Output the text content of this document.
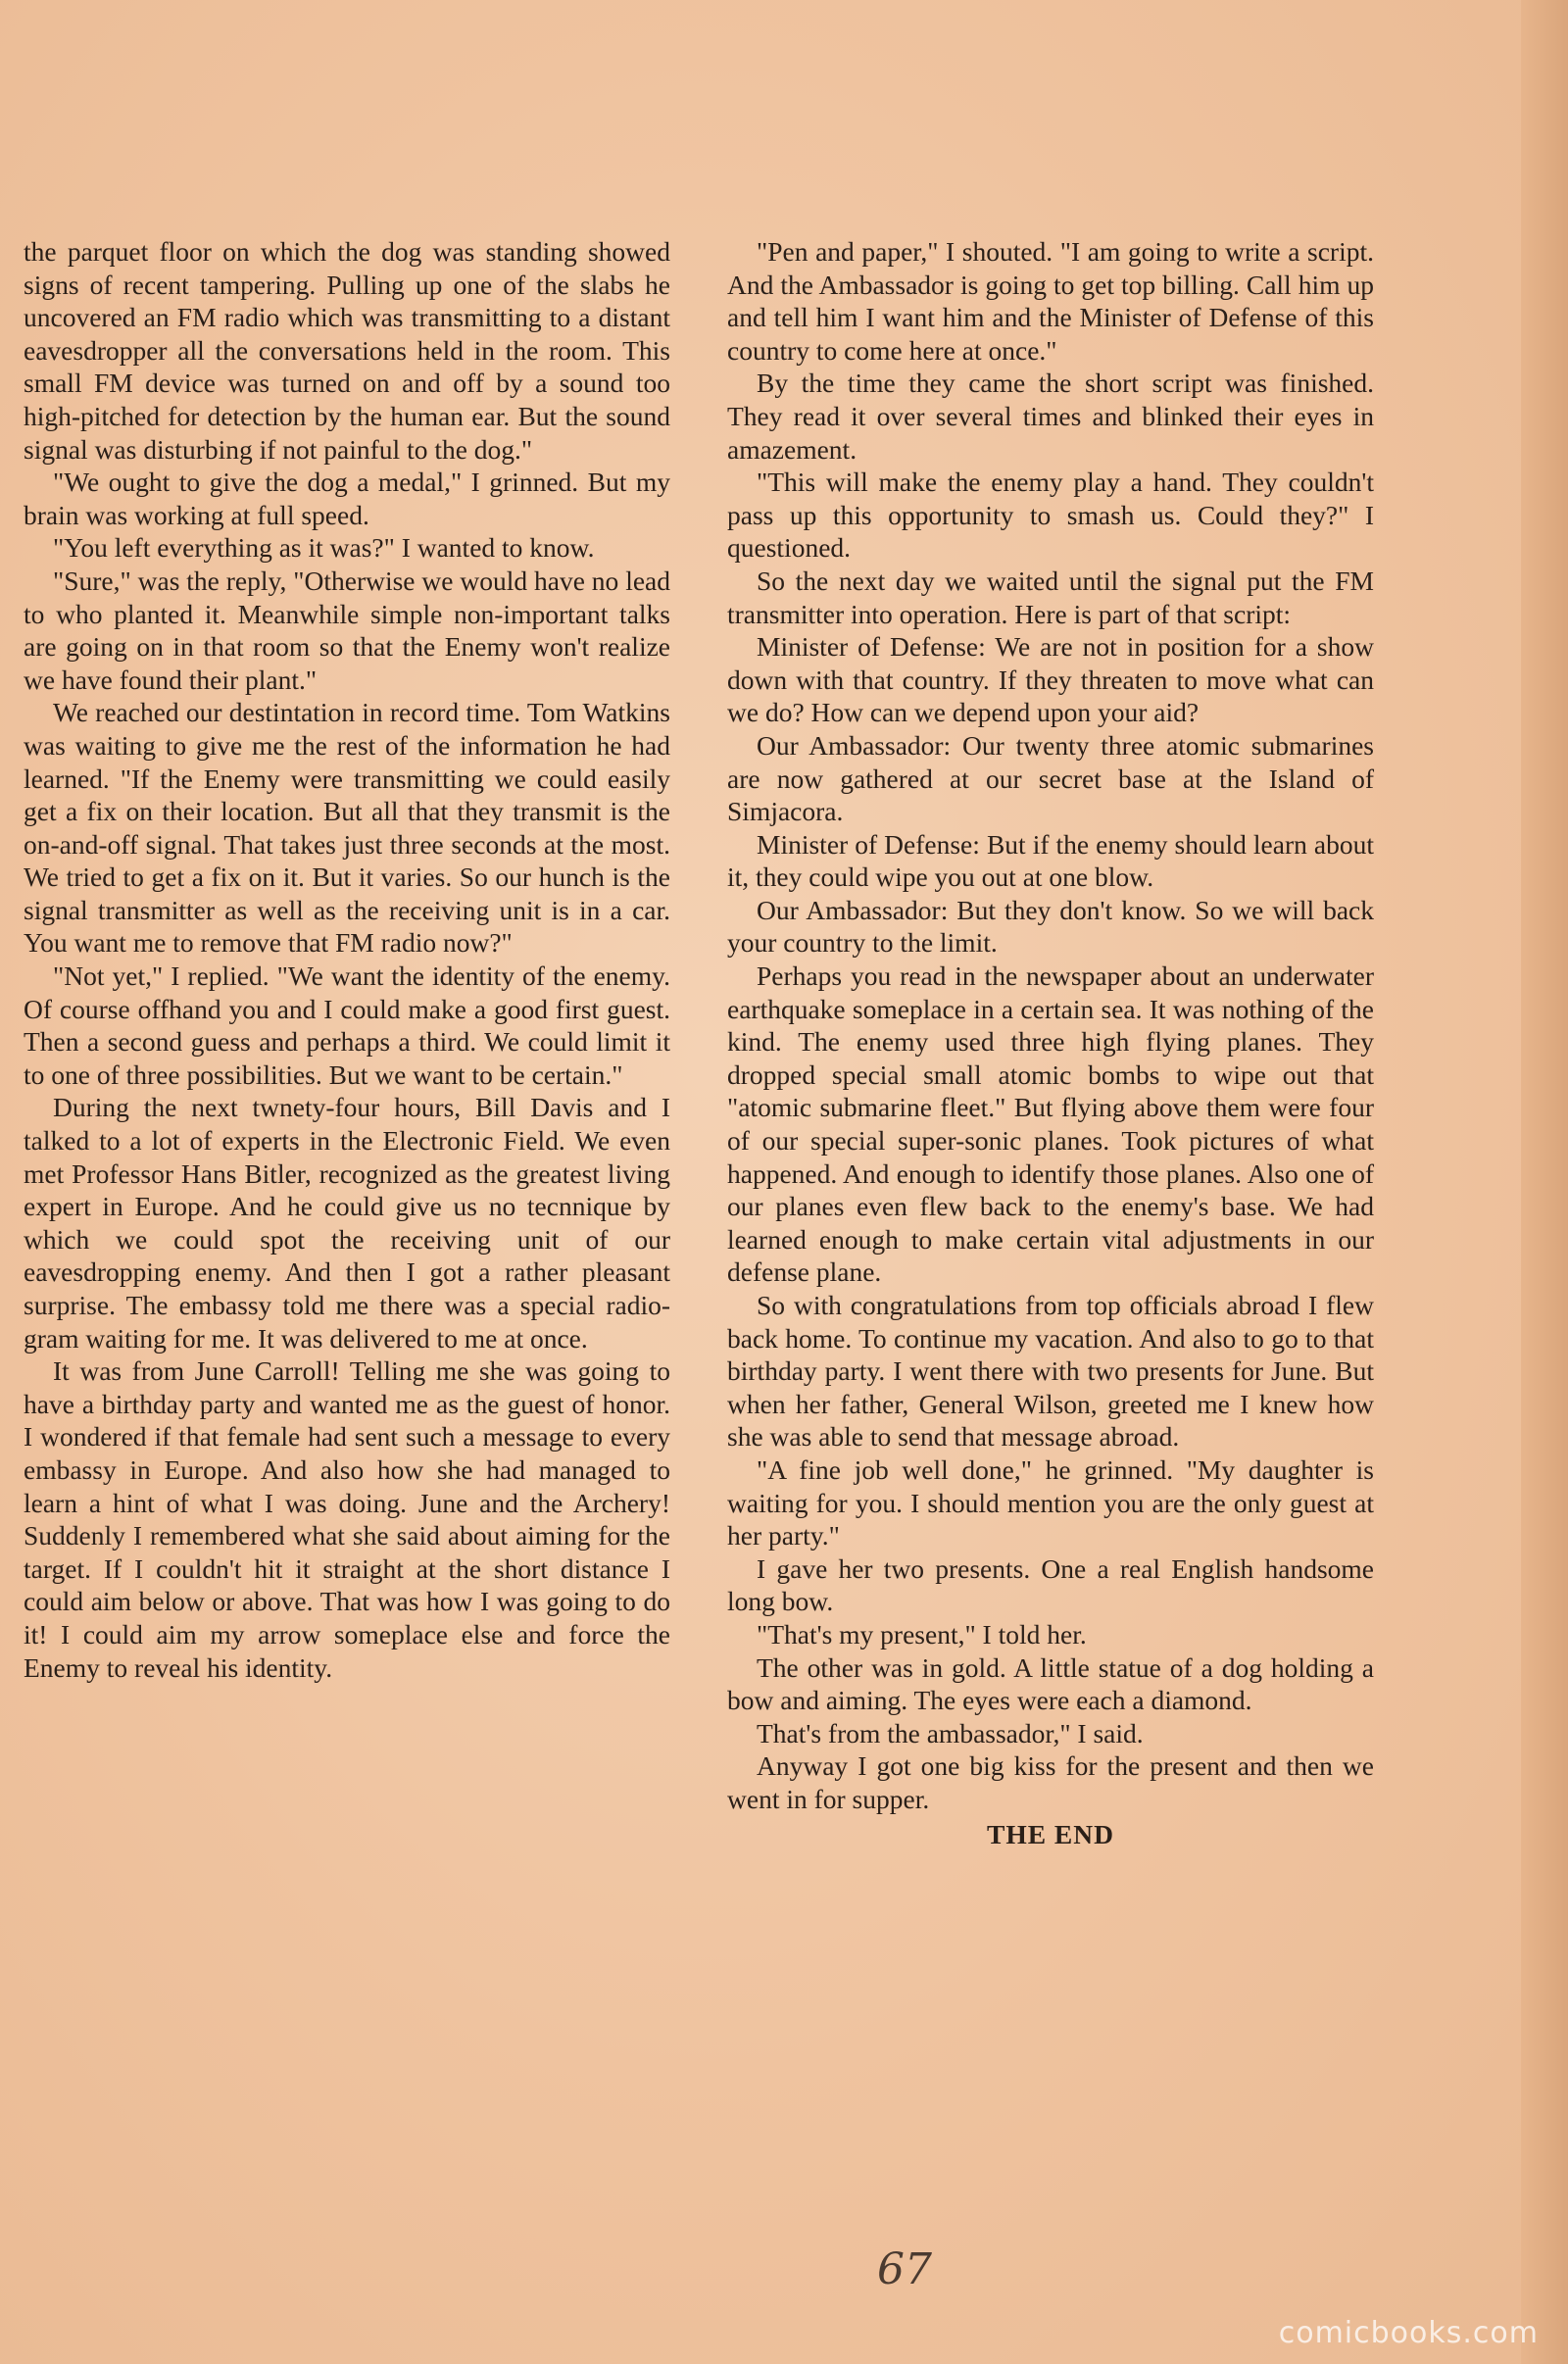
the parquet floor on which the dog was standing showed signs of recent tampering. Pulling up one of the slabs he uncovered an FM radio which was transmitting to a distant eavesdropper all the conversations held in the room. This small FM device was turned on and off by a sound too high-pitched for detection by the human ear. But the sound signal was disturbing if not painful to the dog."

"We ought to give the dog a medal," I grinned. But my brain was working at full speed.

"You left everything as it was?" I wanted to know.

"Sure," was the reply, "Otherwise we would have no lead to who planted it. Meanwhile simple non-important talks are going on in that room so that the Enemy won't realize we have found their plant."

We reached our destintation in record time. Tom Watkins was waiting to give me the rest of the information he had learned. "If the Enemy were transmitting we could easily get a fix on their location. But all that they transmit is the on-and-off signal. That takes just three seconds at the most. We tried to get a fix on it. But it varies. So our hunch is the signal transmitter as well as the receiving unit is in a car. You want me to remove that FM radio now?"

"Not yet," I replied. "We want the identity of the enemy. Of course offhand you and I could make a good first guest. Then a second guess and perhaps a third. We could limit it to one of three possibilities. But we want to be certain."

During the next twnety-four hours, Bill Davis and I talked to a lot of experts in the Electronic Field. We even met Professor Hans Bitler, recognized as the greatest living expert in Europe. And he could give us no tecnnique by which we could spot the receiving unit of our eavesdropping enemy. And then I got a rather pleasant surprise. The embassy told me there was a special radio-gram waiting for me. It was delivered to me at once.

It was from June Carroll! Telling me she was going to have a birthday party and wanted me as the guest of honor. I wondered if that female had sent such a message to every embassy in Europe. And also how she had managed to learn a hint of what I was doing. June and the Archery! Suddenly I remembered what she said about aiming for the target. If I couldn't hit it straight at the short distance I could aim below or above. That was how I was going to do it! I could aim my arrow someplace else and force the Enemy to reveal his identity.

"Pen and paper," I shouted. "I am going to write a script. And the Ambassador is going to get top billing. Call him up and tell him I want him and the Minister of Defense of this country to come here at once."

By the time they came the short script was finished. They read it over several times and blinked their eyes in amazement.

"This will make the enemy play a hand. They couldn't pass up this opportunity to smash us. Could they?" I questioned.

So the next day we waited until the signal put the FM transmitter into operation. Here is part of that script:

Minister of Defense: We are not in position for a show down with that country. If they threaten to move what can we do? How can we depend upon your aid?

Our Ambassador: Our twenty three atomic submarines are now gathered at our secret base at the Island of Simjacora.

Minister of Defense: But if the enemy should learn about it, they could wipe you out at one blow.

Our Ambassador: But they don't know. So we will back your country to the limit.

Perhaps you read in the newspaper about an underwater earthquake someplace in a certain sea. It was nothing of the kind. The enemy used three high flying planes. They dropped special small atomic bombs to wipe out that "atomic submarine fleet." But flying above them were four of our special super-sonic planes. Took pictures of what happened. And enough to identify those planes. Also one of our planes even flew back to the enemy's base. We had learned enough to make certain vital adjustments in our defense plane.

So with congratulations from top officials abroad I flew back home. To continue my vacation. And also to go to that birthday party. I went there with two presents for June. But when her father, General Wilson, greeted me I knew how she was able to send that message abroad.

"A fine job well done," he grinned. "My daughter is waiting for you. I should mention you are the only guest at her party."

I gave her two presents. One a real English handsome long bow.

"That's my present," I told her.

The other was in gold. A little statue of a dog holding a bow and aiming. The eyes were each a diamond.

That's from the ambassador," I said.

Anyway I got one big kiss for the present and then we went in for supper.

THE END

67
comicbooks.com
